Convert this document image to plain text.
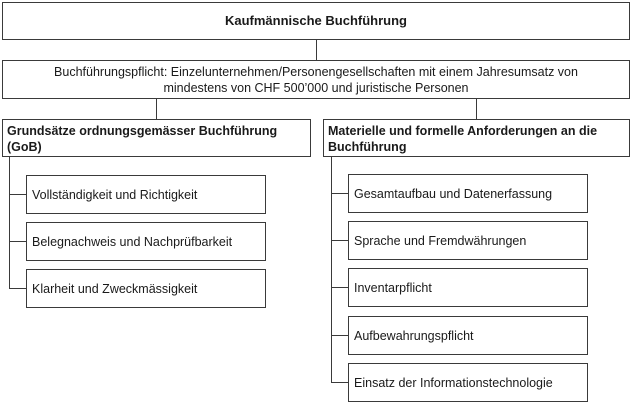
Kaufmännische Buchführung
Buchführungspflicht: Einzelunternehmen/Personengesellschaften mit einem Jahresumsatz von mindestens von CHF 500’000 und juristische Personen
Grundsätze ordnungsgemässer Buchführung (GoB)
Materielle und formelle Anforderungen an die Buchführung
Vollständigkeit und Richtigkeit
Belegnachweis und Nachprüfbarkeit
Klarheit und Zweckmässigkeit
Gesamtaufbau und Datenerfassung
Sprache und Fremdwährungen
Inventarpflicht
Aufbewahrungspflicht
Einsatz der Informationstechnologie
